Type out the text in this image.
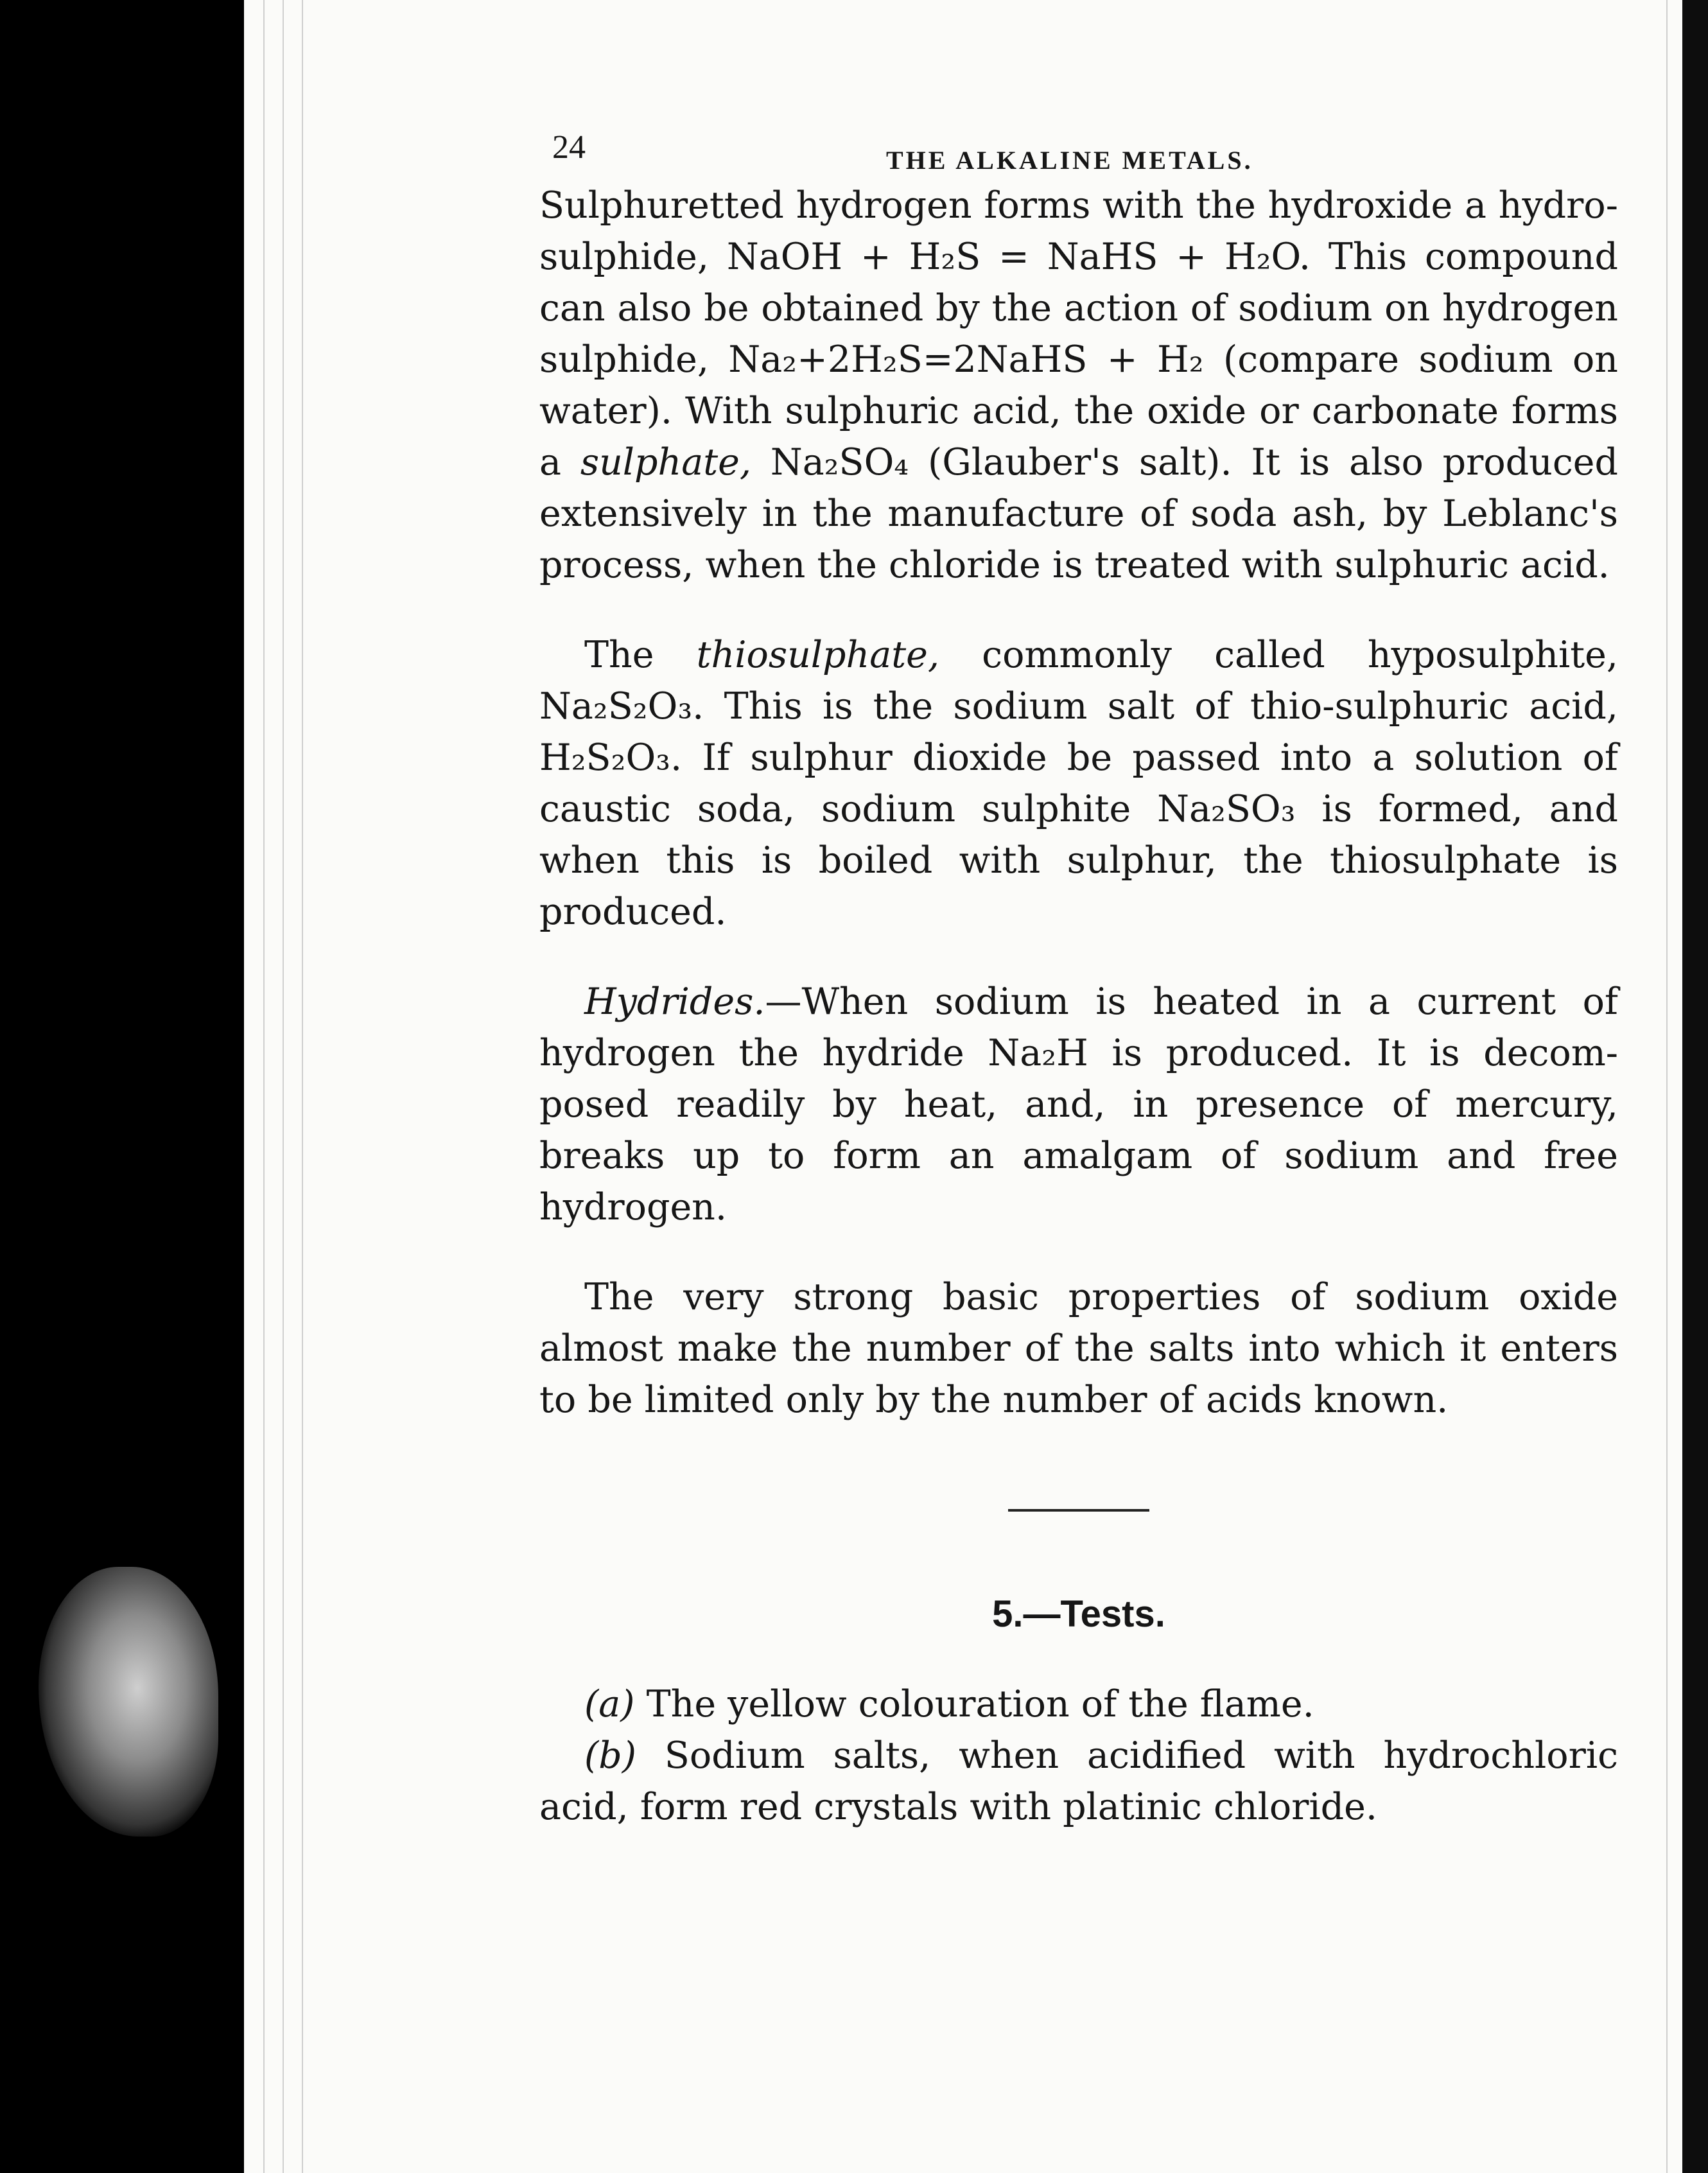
24	THE ALKALINE METALS.

Sulphuretted hydrogen forms with the hydroxide a hydro-sulphide, NaOH + H₂S = NaHS + H₂O. This compound can also be obtained by the action of sodium on hydrogen sulphide, Na₂+2H₂S=2NaHS + H₂ (compare sodium on water). With sulphuric acid, the oxide or carbonate forms a sulphate, Na₂SO₄ (Glauber's salt). It is also produced extensively in the manufacture of soda ash, by Leblanc's process, when the chloride is treated with sulphuric acid.

The thiosulphate, commonly called hyposulphite, Na₂S₂O₃. This is the sodium salt of thio-sulphuric acid, H₂S₂O₃. If sulphur dioxide be passed into a solution of caustic soda, sodium sulphite Na₂SO₃ is formed, and when this is boiled with sulphur, the thiosulphate is produced.

Hydrides.—When sodium is heated in a current of hydrogen the hydride Na₂H is produced. It is decom-posed readily by heat, and, in presence of mercury, breaks up to form an amalgam of sodium and free hydrogen.

The very strong basic properties of sodium oxide almost make the number of the salts into which it enters to be limited only by the number of acids known.

5.—Tests.

(a) The yellow colouration of the flame.

(b) Sodium salts, when acidified with hydrochloric acid, form red crystals with platinic chloride.
